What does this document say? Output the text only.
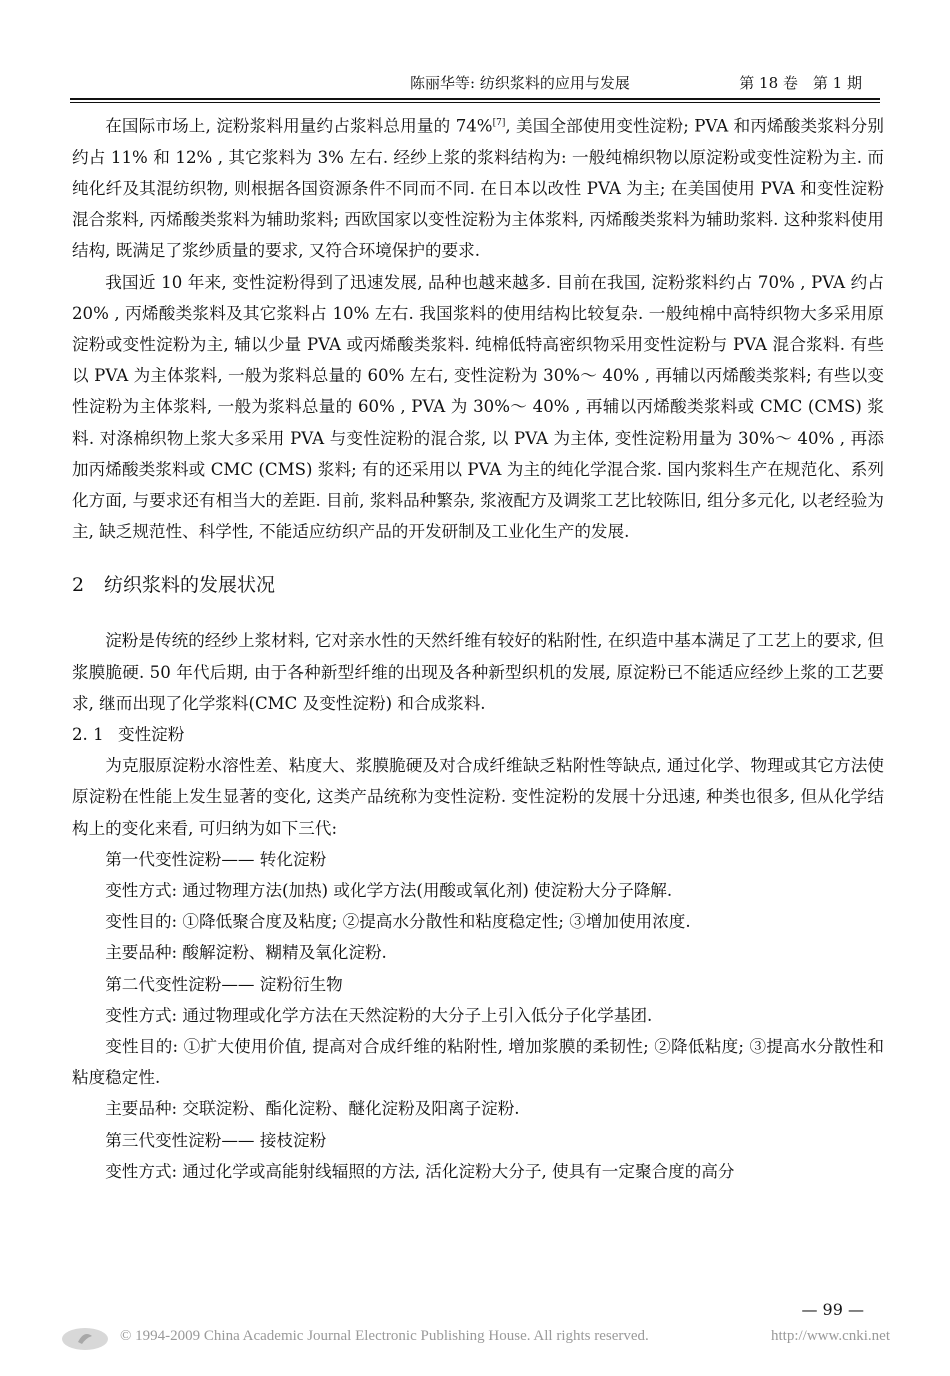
陈丽华等: 纺织浆料的应用与发展	第 18 卷　第 1 期

在国际市场上, 淀粉浆料用量约占浆料总用量的 74%[7], 美国全部使用变性淀粉; PVA 和丙烯酸类浆料分别约占 11% 和 12% , 其它浆料为 3% 左右. 经纱上浆的浆料结构为: 一般纯棉织物以原淀粉或变性淀粉为主. 而纯化纤及其混纺织物, 则根据各国资源条件不同而不同. 在日本以改性 PVA 为主; 在美国使用 PVA 和变性淀粉混合浆料, 丙烯酸类浆料为辅助浆料; 西欧国家以变性淀粉为主体浆料, 丙烯酸类浆料为辅助浆料. 这种浆料使用结构, 既满足了浆纱质量的要求, 又符合环境保护的要求.

我国近 10 年来, 变性淀粉得到了迅速发展, 品种也越来越多. 目前在我国, 淀粉浆料约占 70% , PVA 约占 20% , 丙烯酸类浆料及其它浆料占 10% 左右. 我国浆料的使用结构比较复杂. 一般纯棉中高特织物大多采用原淀粉或变性淀粉为主, 辅以少量 PVA 或丙烯酸类浆料. 纯棉低特高密织物采用变性淀粉与 PVA 混合浆料. 有些以 PVA 为主体浆料, 一般为浆料总量的 60% 左右, 变性淀粉为 30%～ 40% , 再辅以丙烯酸类浆料; 有些以变性淀粉为主体浆料, 一般为浆料总量的 60% , PVA 为 30%～ 40% , 再辅以丙烯酸类浆料或 CMC (CMS) 浆料. 对涤棉织物上浆大多采用 PVA 与变性淀粉的混合浆, 以 PVA 为主体, 变性淀粉用量为 30%～ 40% , 再添加丙烯酸类浆料或 CMC (CMS) 浆料; 有的还采用以 PVA 为主的纯化学混合浆. 国内浆料生产在规范化、系列化方面, 与要求还有相当大的差距. 目前, 浆料品种繁杂, 浆液配方及调浆工艺比较陈旧, 组分多元化, 以老经验为主, 缺乏规范性、科学性, 不能适应纺织产品的开发研制及工业化生产的发展.

2 纺织浆料的发展状况

淀粉是传统的经纱上浆材料, 它对亲水性的天然纤维有较好的粘附性, 在织造中基本满足了工艺上的要求, 但浆膜脆硬. 50 年代后期, 由于各种新型纤维的出现及各种新型织机的发展, 原淀粉已不能适应经纱上浆的工艺要求, 继而出现了化学浆料(CMC 及变性淀粉) 和合成浆料.

2. 1 变性淀粉

为克服原淀粉水溶性差、粘度大、浆膜脆硬及对合成纤维缺乏粘附性等缺点, 通过化学、物理或其它方法使原淀粉在性能上发生显著的变化, 这类产品统称为变性淀粉. 变性淀粉的发展十分迅速, 种类也很多, 但从化学结构上的变化来看, 可归纳为如下三代:

第一代变性淀粉—— 转化淀粉
变性方式: 通过物理方法(加热) 或化学方法(用酸或氧化剂) 使淀粉大分子降解.
变性目的: ①降低聚合度及粘度; ②提高水分散性和粘度稳定性; ③增加使用浓度.
主要品种: 酸解淀粉、糊精及氧化淀粉.
第二代变性淀粉—— 淀粉衍生物
变性方式: 通过物理或化学方法在天然淀粉的大分子上引入低分子化学基团.

变性目的: ①扩大使用价值, 提高对合成纤维的粘附性, 增加浆膜的柔韧性; ②降低粘度; ③提高水分散性和粘度稳定性.

主要品种: 交联淀粉、酯化淀粉、醚化淀粉及阳离子淀粉.
第三代变性淀粉—— 接枝淀粉
变性方式: 通过化学或高能射线辐照的方法, 活化淀粉大分子, 使具有一定聚合度的高分
— 99 —
© 1994-2009 China Academic Journal Electronic Publishing House. All rights reserved.	http://www.cnki.net
